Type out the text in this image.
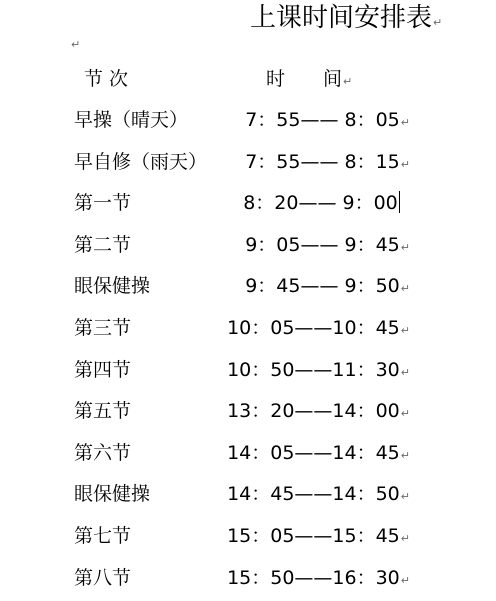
上课时间安排表↵
↵
节 次	时　　间↵
早操（晴天）	7：55—— 8：05↵
早自修（雨天） 7：55—— 8：15↵
第一节	8：20—— 9：00
第二节	9：05—— 9：45↵
眼保健操	9：45—— 9：50↵
第三节	10：05——10：45↵
第四节	10：50——11：30↵
第五节	13：20——14：00↵
第六节	14：05——14：45↵
眼保健操	14：45——14：50↵
第七节	15：05——15：45↵
第八节	15：50——16：30↵
